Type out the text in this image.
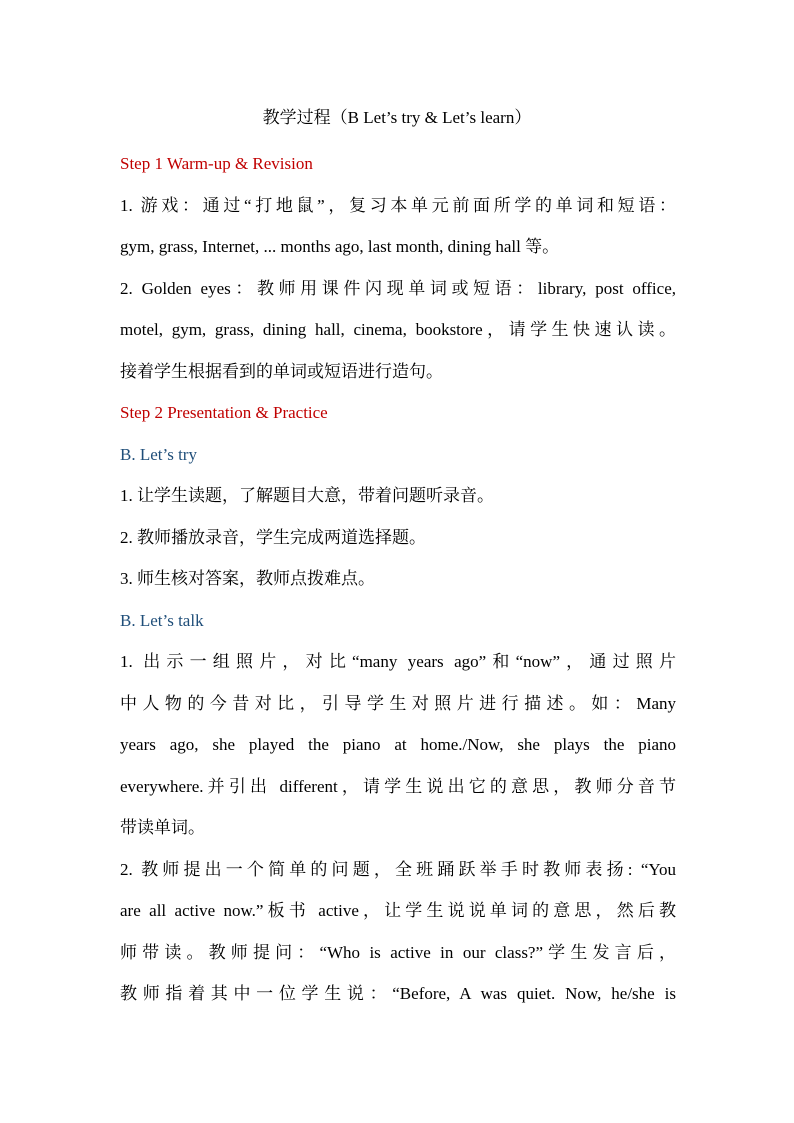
教学过程（B Let’s try & Let’s learn）
Step 1 Warm-up & Revision
1. 游戏：通过“打地鼠”，复习本单元前面所学的单词和短语：
gym, grass, Internet, ... months ago, last month, dining hall 等。
2. Golden eyes：教师用课件闪现单词或短语：library, post office,
motel, gym, grass, dining hall, cinema, bookstore，请学生快速认读。
接着学生根据看到的单词或短语进行造句。
Step 2 Presentation & Practice
B. Let’s try
1. 让学生读题，了解题目大意，带着问题听录音。
2. 教师播放录音，学生完成两道选择题。
3. 师生核对答案，教师点拨难点。
B. Let’s talk
1. 出示一组照片，对比“many years ago”和“now”，通过照片
中人物的今昔对比，引导学生对照片进行描述。如：Many
years ago, she played the piano at home./Now, she plays the piano
everywhere.并引出 different，请学生说出它的意思，教师分音节
带读单词。
2. 教师提出一个简单的问题，全班踊跃举手时教师表扬: “You
are all active now.”板书 active，让学生说说单词的意思，然后教
师带读。教师提问：“Who is active in our class?”学生发言后，
教师指着其中一位学生说：“Before, A was quiet. Now, he/she is
